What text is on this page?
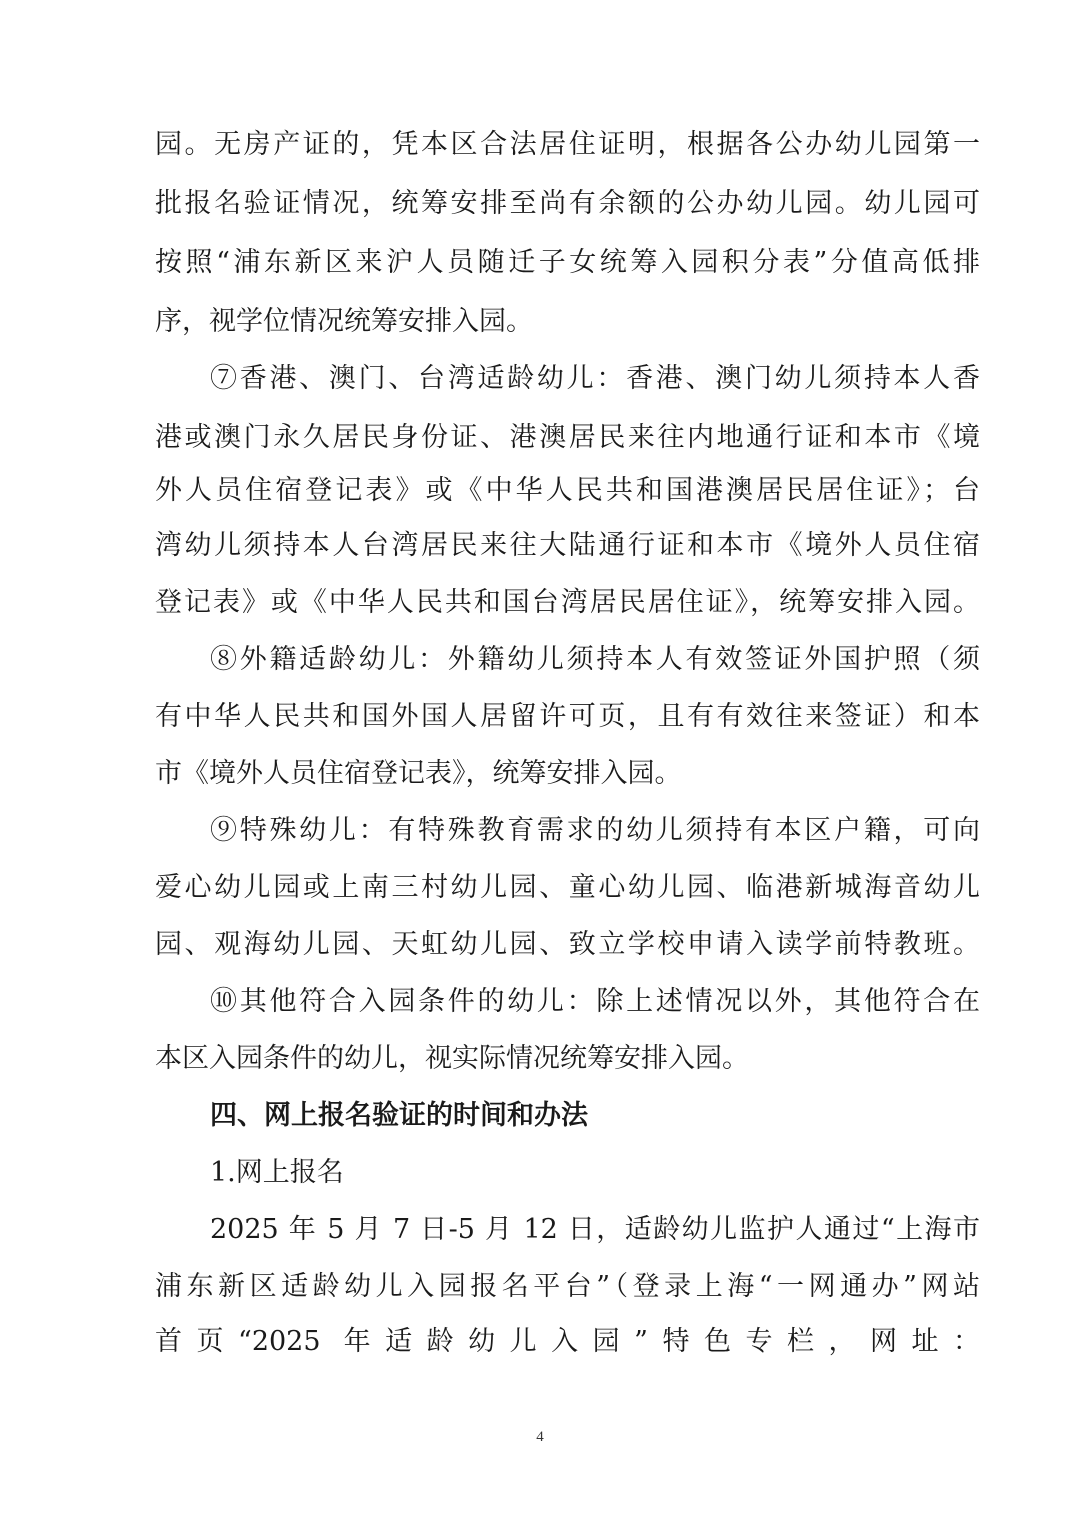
园。无房产证的，凭本区合法居住证明，根据各公办幼儿园第一
批报名验证情况，统筹安排至尚有余额的公办幼儿园。幼儿园可
按照“浦东新区来沪人员随迁子女统筹入园积分表”分值高低排
序，视学位情况统筹安排入园。
⑦香港、澳门、台湾适龄幼儿：香港、澳门幼儿须持本人香
港或澳门永久居民身份证、港澳居民来往内地通行证和本市《境
外人员住宿登记表》或《中华人民共和国港澳居民居住证》；台
湾幼儿须持本人台湾居民来往大陆通行证和本市《境外人员住宿
登记表》或《中华人民共和国台湾居民居住证》，统筹安排入园。
⑧外籍适龄幼儿：外籍幼儿须持本人有效签证外国护照（须
有中华人民共和国外国人居留许可页，且有有效往来签证）和本
市《境外人员住宿登记表》，统筹安排入园。
⑨特殊幼儿：有特殊教育需求的幼儿须持有本区户籍，可向
爱心幼儿园或上南三村幼儿园、童心幼儿园、临港新城海音幼儿
园、观海幼儿园、天虹幼儿园、致立学校申请入读学前特教班。
⑩其他符合入园条件的幼儿：除上述情况以外，其他符合在
本区入园条件的幼儿，视实际情况统筹安排入园。
四、网上报名验证的时间和办法
1.网上报名
2025 年 5 月 7 日-5 月 12 日，适龄幼儿监护人通过“上海市
浦东新区适龄幼儿入园报名平台”（登录上海“一网通办”网站
首页“2025 年适龄幼儿入园”特色专栏，网址：
4
